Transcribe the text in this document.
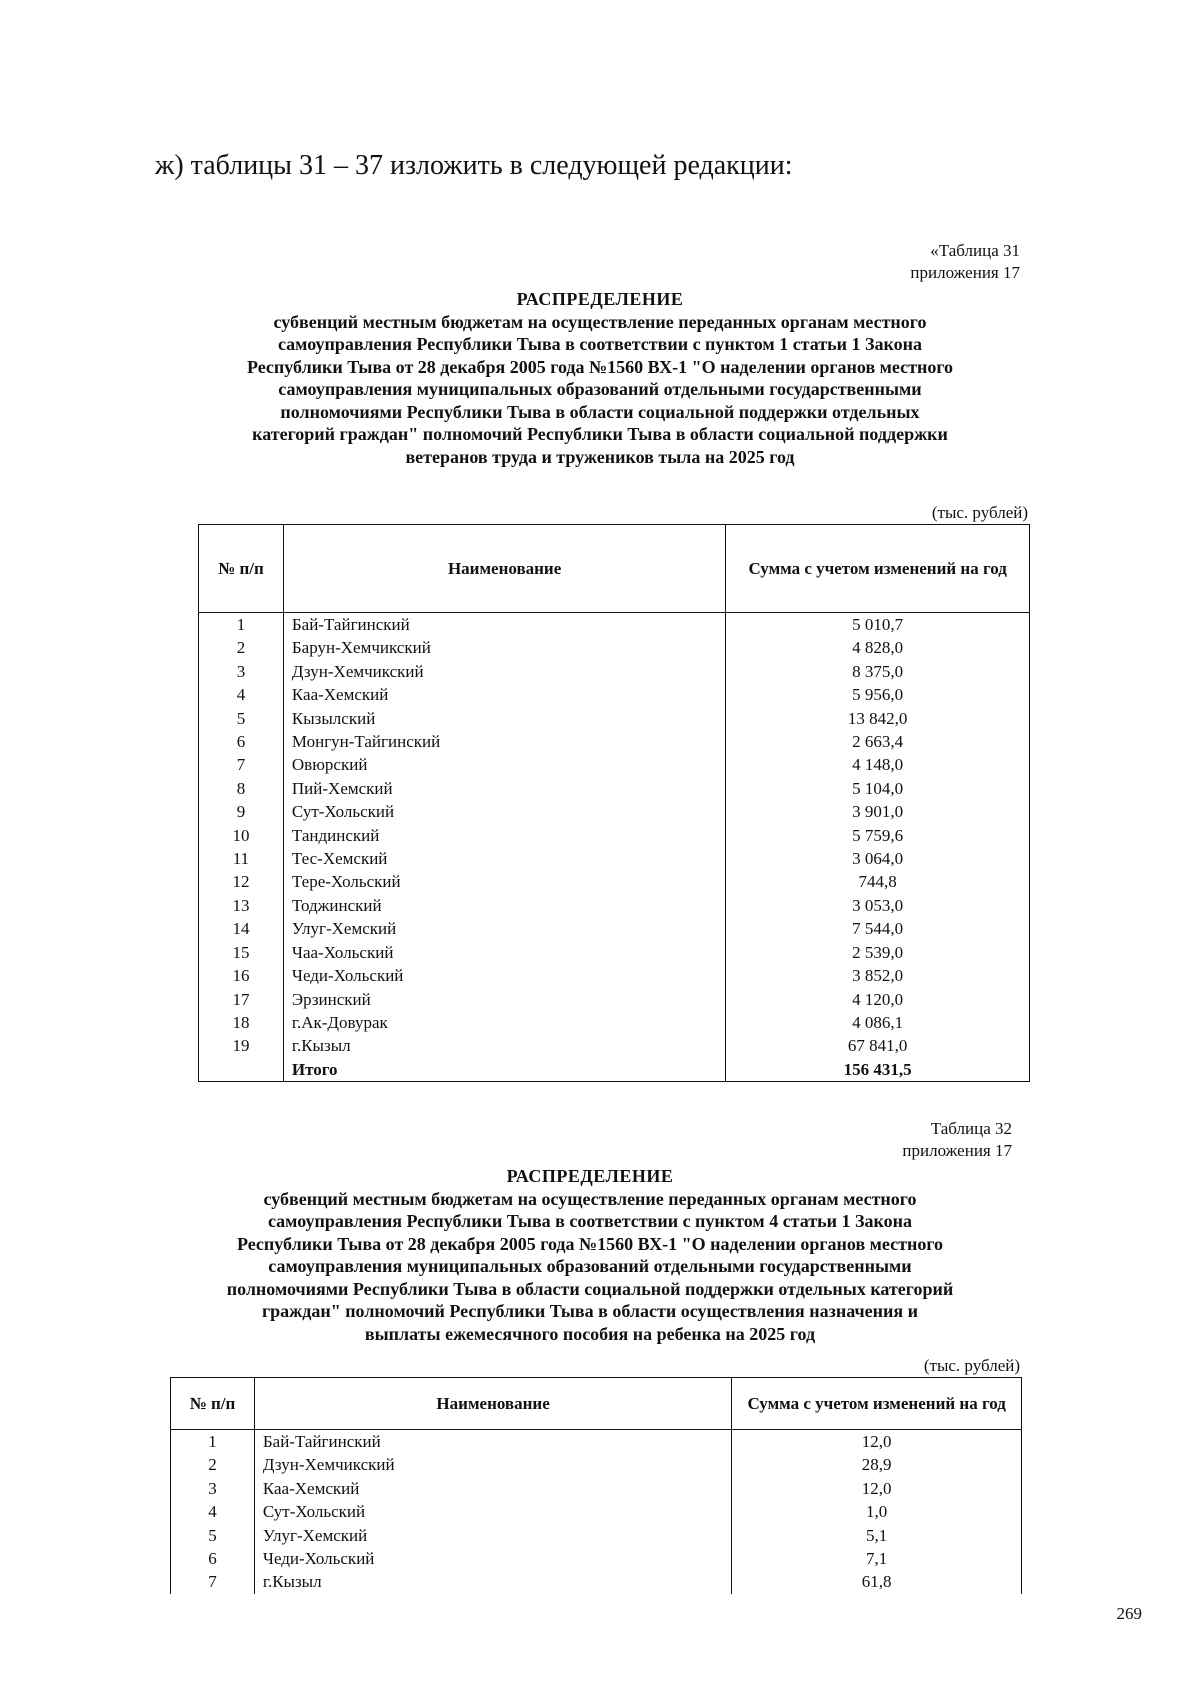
ж) таблицы 31 – 37 изложить в следующей редакции:
«Таблица 31
приложения 17
РАСПРЕДЕЛЕНИЕ
субвенций местным бюджетам на осуществление переданных органам местного
самоуправления Республики Тыва в соответствии с пунктом 1 статьи 1 Закона
Республики Тыва от 28 декабря 2005 года №1560 ВХ-1 "О наделении органов местного
самоуправления муниципальных образований отдельными государственными
полномочиями Республики Тыва в области социальной поддержки отдельных
категорий граждан" полномочий Республики Тыва в области социальной поддержки
ветеранов труда и тружеников тыла на 2025 год
(тыс. рублей)
№ п/п	Наименование	Сумма с учетом изменений на год
1	Бай-Тайгинский	5 010,7
2	Барун-Хемчикский	4 828,0
3	Дзун-Хемчикский	8 375,0
4	Каа-Хемский	5 956,0
5	Кызылский	13 842,0
6	Монгун-Тайгинский	2 663,4
7	Овюрский	4 148,0
8	Пий-Хемский	5 104,0
9	Сут-Хольский	3 901,0
10	Тандинский	5 759,6
11	Тес-Хемский	3 064,0
12	Тере-Хольский	744,8
13	Тоджинский	3 053,0
14	Улуг-Хемский	7 544,0
15	Чаа-Хольский	2 539,0
16	Чеди-Хольский	3 852,0
17	Эрзинский	4 120,0
18	г.Ак-Довурак	4 086,1
19	г.Кызыл	67 841,0
	Итого	156 431,5
Таблица 32
приложения 17
РАСПРЕДЕЛЕНИЕ
субвенций местным бюджетам на осуществление переданных органам местного
самоуправления Республики Тыва в соответствии с пунктом 4 статьи 1 Закона
Республики Тыва от 28 декабря 2005 года №1560 ВХ-1 "О наделении органов местного
самоуправления муниципальных образований отдельными государственными
полномочиями Республики Тыва в области социальной поддержки отдельных категорий
граждан" полномочий Республики Тыва в области осуществления назначения и
выплаты ежемесячного пособия на ребенка на 2025 год
(тыс. рублей)
№ п/п	Наименование	Сумма с учетом изменений на год
1	Бай-Тайгинский	12,0
2	Дзун-Хемчикский	28,9
3	Каа-Хемский	12,0
4	Сут-Хольский	1,0
5	Улуг-Хемский	5,1
6	Чеди-Хольский	7,1
7	г.Кызыл	61,8
269
